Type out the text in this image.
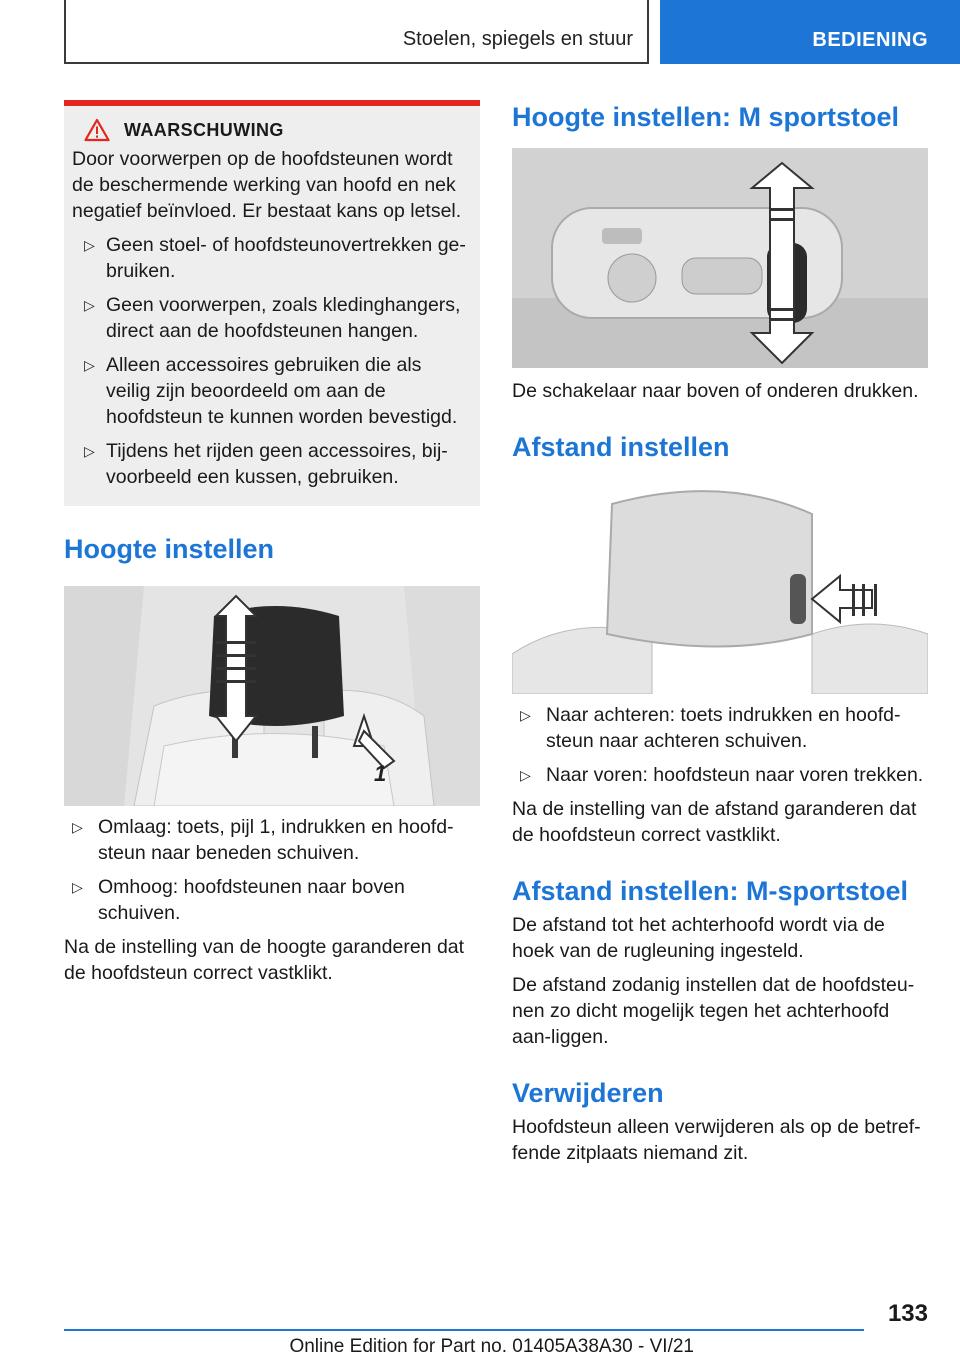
Stoelen, spiegels en stuur	BEDIENING
WAARSCHUWING

Door voorwerpen op de hoofdsteunen wordt de beschermende werking van hoofd en nek negatief beïnvloed. Er bestaat kans op letsel.

▷ Geen stoel- of hoofdsteunovertrekken ge-bruiken.
▷ Geen voorwerpen, zoals kledinghangers, direct aan de hoofdsteunen hangen.
▷ Alleen accessoires gebruiken die als veilig zijn beoordeeld om aan de hoofdsteun te kunnen worden bevestigd.
▷ Tijdens het rijden geen accessoires, bij-voorbeeld een kussen, gebruiken.
Hoogte instellen
1
▷ Omlaag: toets, pijl 1, indrukken en hoofd-steun naar beneden schuiven.
▷ Omhoog: hoofdsteunen naar boven schuiven.

Na de instelling van de hoogte garanderen dat de hoofdsteun correct vastklikt.

Hoogte instellen: M sportstoel

De schakelaar naar boven of onderen drukken.

Afstand instellen
▷ Naar achteren: toets indrukken en hoofd-steun naar achteren schuiven.
▷ Naar voren: hoofdsteun naar voren trekken.

Na de instelling van de afstand garanderen dat de hoofdsteun correct vastklikt.

Afstand instellen: M-sportstoel

De afstand tot het achterhoofd wordt via de hoek van de rugleuning ingesteld.

De afstand zodanig instellen dat de hoofdsteu-nen zo dicht mogelijk tegen het achterhoofd aan-liggen.

Verwijderen

Hoofdsteun alleen verwijderen als op de betref-fende zitplaats niemand zit.

133
Online Edition for Part no. 01405A38A30 - VI/21
